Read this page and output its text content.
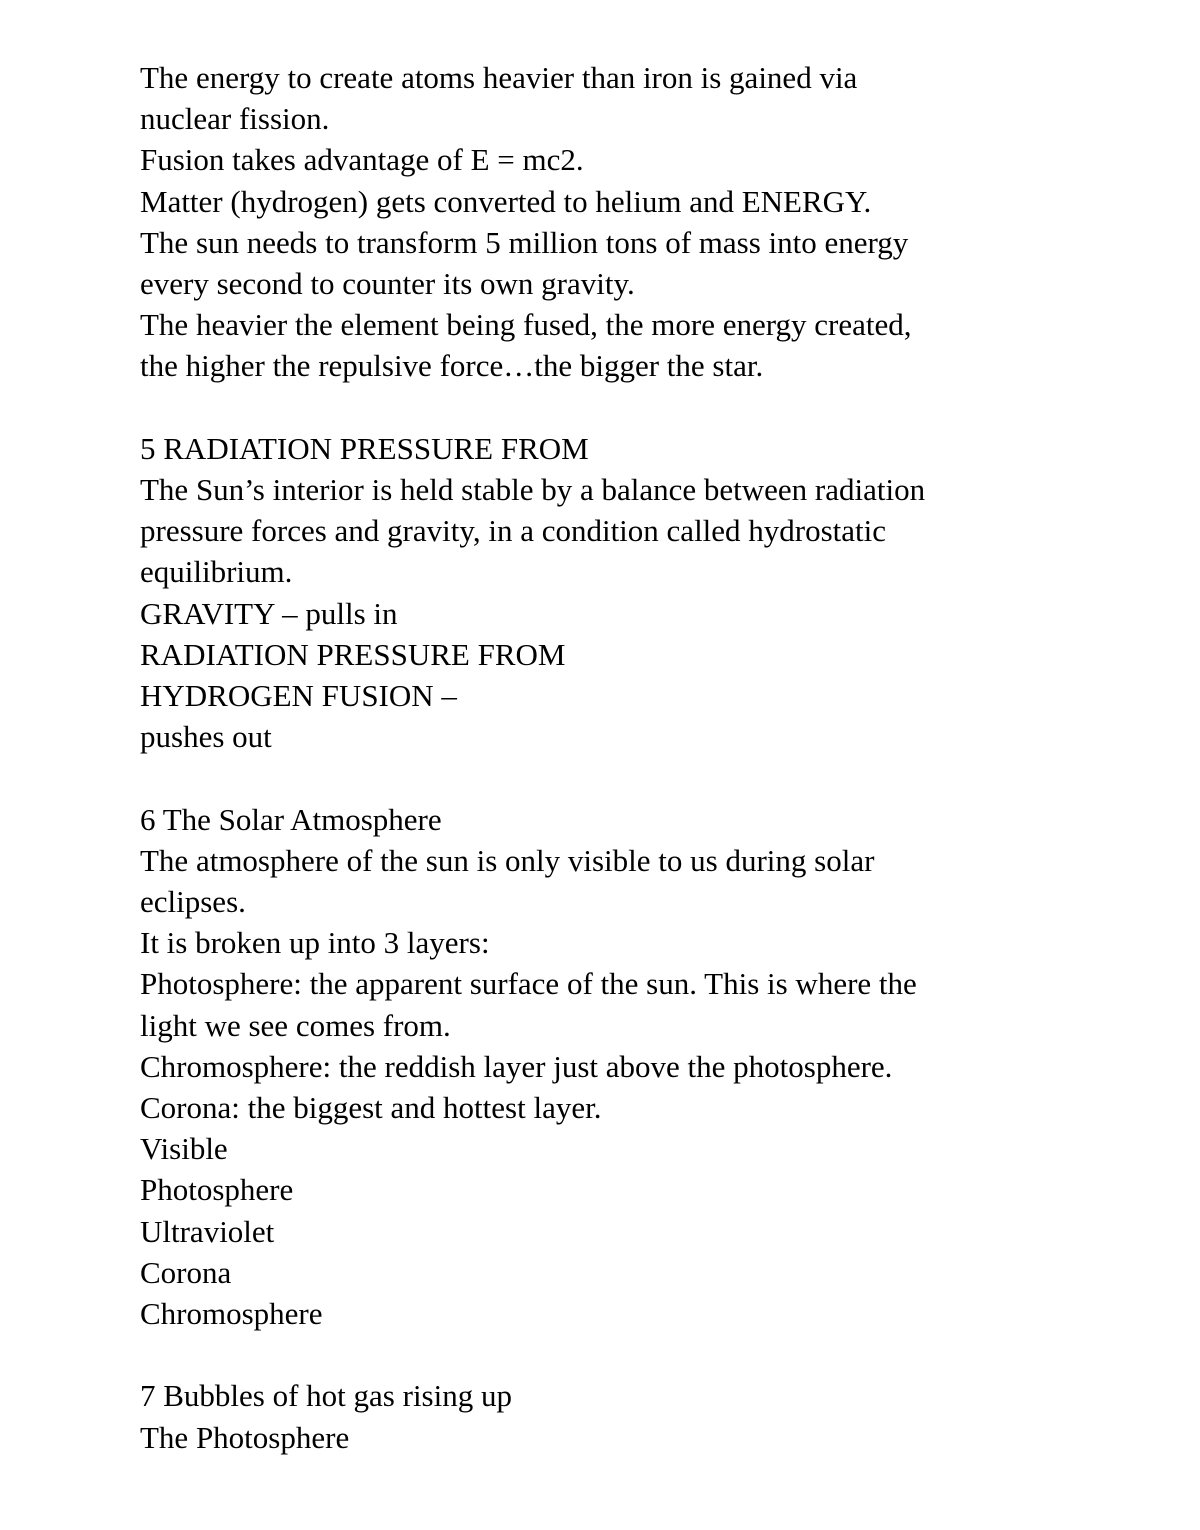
The energy to create atoms heavier than iron is gained via
nuclear fission.
Fusion takes advantage of E = mc2.
Matter (hydrogen) gets converted to helium and ENERGY.
The sun needs to transform 5 million tons of mass into energy
every second to counter its own gravity.
The heavier the element being fused, the more energy created,
the higher the repulsive force…the bigger the star.
5 RADIATION PRESSURE FROM
The Sun’s interior is held stable by a balance between radiation
pressure forces and gravity, in a condition called hydrostatic
equilibrium.
GRAVITY – pulls in
RADIATION PRESSURE FROM
HYDROGEN FUSION –
pushes out
6 The Solar Atmosphere
The atmosphere of the sun is only visible to us during solar
eclipses.
It is broken up into 3 layers:
Photosphere: the apparent surface of the sun. This is where the
light we see comes from.
Chromosphere: the reddish layer just above the photosphere.
Corona: the biggest and hottest layer.
Visible
Photosphere
Ultraviolet
Corona
Chromosphere
7 Bubbles of hot gas rising up
The Photosphere
